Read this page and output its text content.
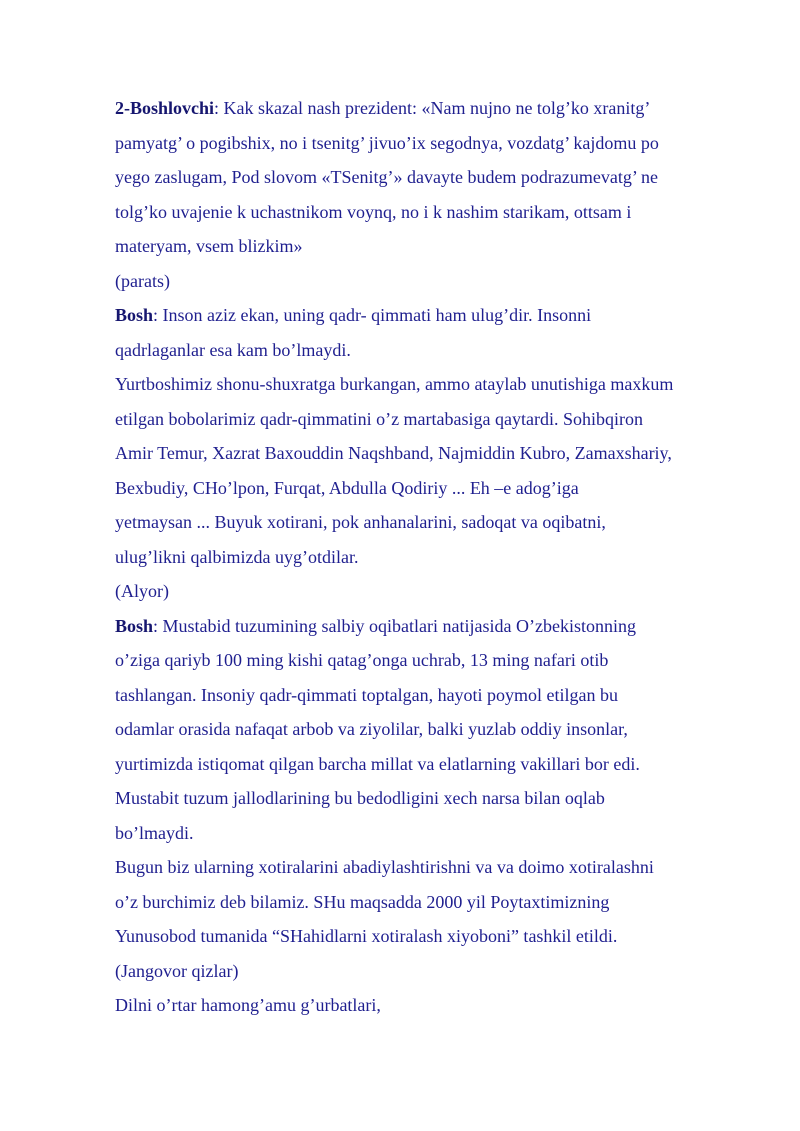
2-Boshlovchi: Kak skazal nash prezident: «Nam nujno ne tolg’ko xranitg’
pamyatg’ o pogibshix, no i tsenitg’ jivuo’ix segodnya, vozdatg’ kajdomu po
yego zaslugam, Pod slovom «TSenitg’» davayte budem podrazumevatg’ ne
tolg’ko uvajenie k uchastnikom voynq, no i k nashim starikam, ottsam i
materyam, vsem blizkim»
(parats)
Bosh: Inson aziz ekan, uning qadr- qimmati ham ulug’dir. Insonni
qadrlaganlar esa kam bo’lmaydi.
Yurtboshimiz shonu-shuxratga burkangan, ammo ataylab unutishiga maxkum
etilgan bobolarimiz qadr-qimmatini o’z martabasiga qaytardi. Sohibqiron
Amir Temur, Xazrat Baxouddin Naqshband, Najmiddin Kubro, Zamaxshariy,
Bexbudiy, CHo’lpon, Furqat, Abdulla Qodiriy ... Eh –e adog’iga
yetmaysan ... Buyuk xotirani, pok anhanalarini, sadoqat va oqibatni,
ulug’likni qalbimizda uyg’otdilar.
(Alyor)
Bosh: Mustabid tuzumining salbiy oqibatlari natijasida O’zbekistonning
o’ziga qariyb 100 ming kishi qatag’onga uchrab, 13 ming nafari otib
tashlangan. Insoniy qadr-qimmati toptalgan, hayoti poymol etilgan bu
odamlar orasida nafaqat arbob va ziyolilar, balki yuzlab oddiy insonlar,
yurtimizda istiqomat qilgan barcha millat va elatlarning vakillari bor edi.
Mustabit tuzum jallodlarining bu bedodligini xech narsa bilan oqlab
bo’lmaydi.
Bugun biz ularning xotiralarini abadiylashtirishni va va doimo xotiralashni
o’z burchimiz deb bilamiz. SHu maqsadda 2000 yil Poytaxtimizning
Yunusobod tumanida “SHahidlarni xotiralash xiyoboni” tashkil etildi.
(Jangovor qizlar)
Dilni o’rtar hamong’amu g’urbatlari,
